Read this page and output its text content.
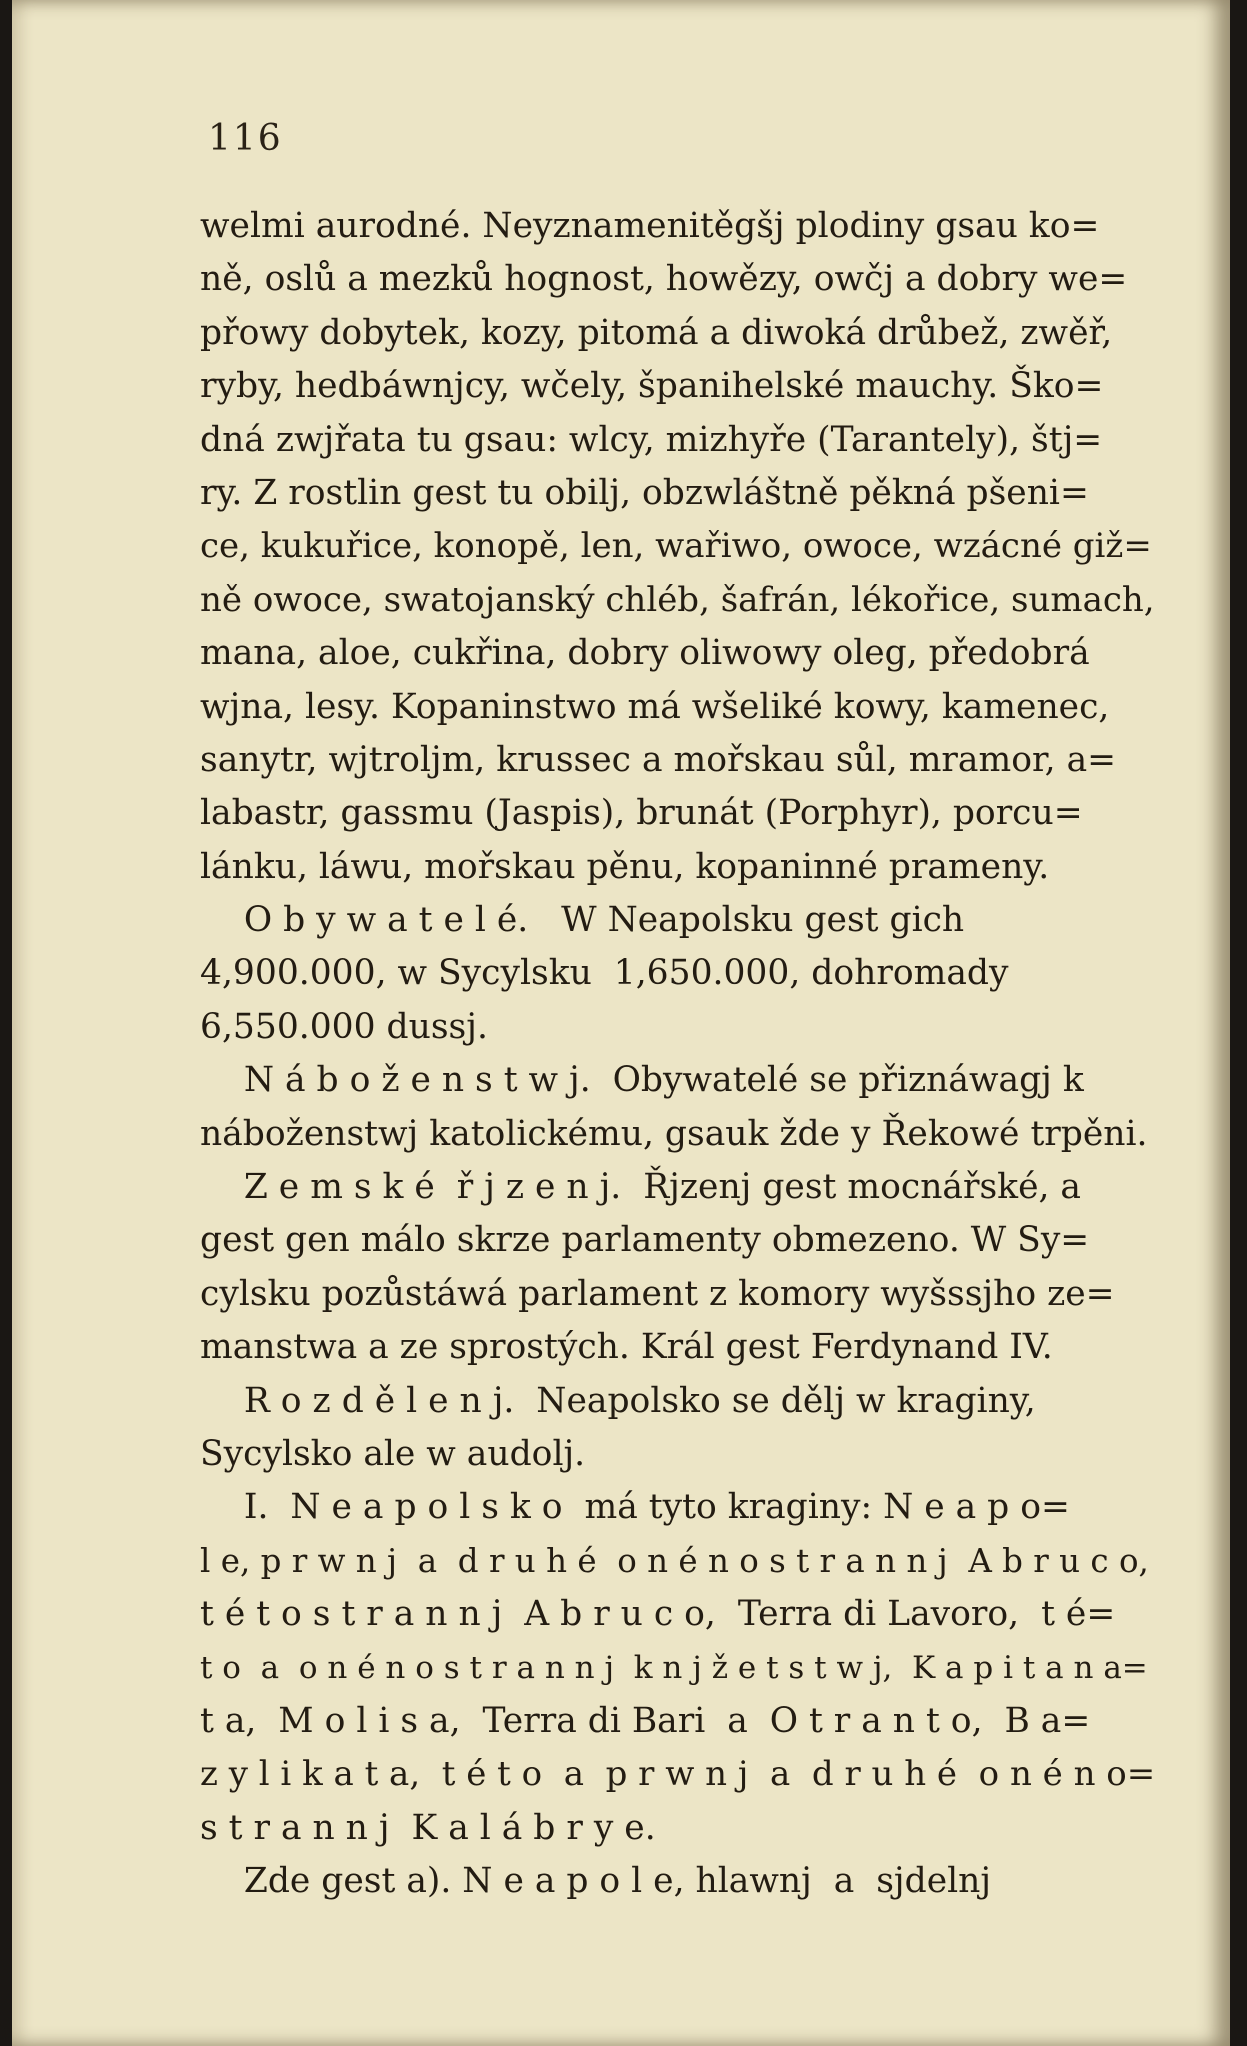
116
welmi aurodné. Neyznamenitěgšj plodiny gsau ko=
ně, oslů a mezků hognost, howězy, owčj a dobry we=
přowy dobytek, kozy, pitomá a diwoká drůbež, zwěř,
ryby, hedbáwnjcy, wčely, španihelské mauchy. Ško=
dná zwjřata tu gsau: wlcy, mizhyře (Tarantely), štj=
ry. Z rostlin gest tu obilj, obzwláštně pěkná pšeni=
ce, kukuřice, konopě, len, wařiwo, owoce, wzácné giž=
ně owoce, swatojanský chléb, šafrán, lékořice, sumach,
mana, aloe, cukřina, dobry oliwowy oleg, předobrá
wjna, lesy. Kopaninstwo má wšeliké kowy, kamenec,
sanytr, wjtroljm, krussec a mořskau sůl, mramor, a=
labastr, gassmu (Jaspis), brunát (Porphyr), porcu=
lánku, láwu, mořskau pěnu, kopaninné prameny.
O b y w a t e l é.   W Neapolsku gest gich
4,900.000, w Sycylsku  1,650.000, dohromady
6,550.000 dussj.
N á b o ž e n s t w j.  Obywatelé se přiznáwagj k
náboženstwj katolickému, gsauk žde y Řekowé trpěni.
Z e m s k é  ř j z e n j.  Řjzenj gest mocnářské, a
gest gen málo skrze parlamenty obmezeno. W Sy=
cylsku pozůstáwá parlament z komory wyšssjho ze=
manstwa a ze sprostých. Král gest Ferdynand IV.
R o z d ě l e n j.  Neapolsko se dělj w kraginy,
Sycylsko ale w audolj.
I.  N e a p o l s k o  má tyto kraginy: N e a p o=
l e, p r w n j  a  d r u h é  o n é n o s t r a n n j  A b r u c o,
t é t o s t r a n n j  A b r u c o,  Terra di Lavoro,  t é=
t o  a  o n é n o s t r a n n j  k n j ž e t s t w j,  K a p i t a n a=
t a,  M o l i s a,  Terra di Bari  a  O t r a n t o,  B a=
z y l i k a t a,  t é t o  a  p r w n j  a  d r u h é  o n é n o=
s t r a n n j  K a l á b r y e.
Zde gest a). N e a p o l e, hlawnj  a  sjdelnj
